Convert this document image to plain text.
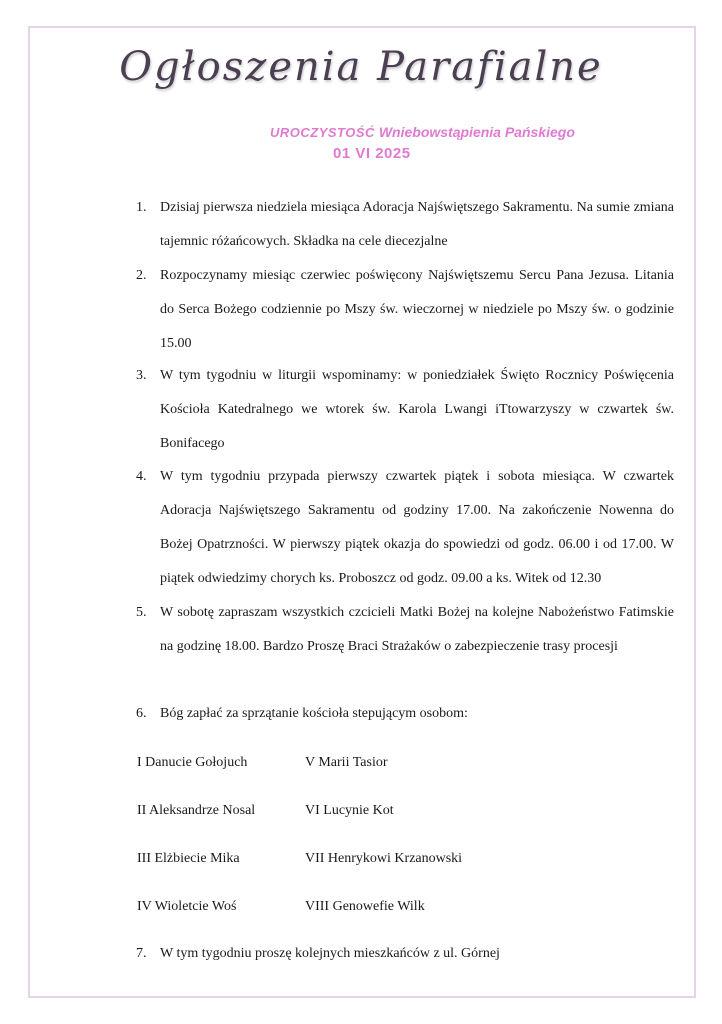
Ogłoszenia Parafialne
UROCZYSTOŚĆ Wniebowstąpienia Pańskiego
01 VI 2025
1. Dzisiaj pierwsza niedziela miesiąca Adoracja Najświętszego Sakramentu. Na sumie zmiana tajemnic różańcowych. Składka na cele diecezjalne
2. Rozpoczynamy miesiąc czerwiec poświęcony Najświętszemu Sercu Pana Jezusa. Litania do Serca Bożego codziennie po Mszy św. wieczornej w niedziele po Mszy św. o godzinie 15.00
3. W tym tygodniu w liturgii wspominamy: w poniedziałek Święto Rocznicy Poświęcenia Kościoła Katedralnego we wtorek św. Karola Lwangi iTtowarzyszy w czwartek św. Bonifacego
4. W tym tygodniu przypada pierwszy czwartek piątek i sobota miesiąca. W czwartek Adoracja Najświętszego Sakramentu od godziny 17.00. Na zakończenie Nowenna do Bożej Opatrzności. W pierwszy piątek okazja do spowiedzi od godz. 06.00 i od 17.00. W piątek odwiedzimy chorych ks. Proboszcz od godz. 09.00 a ks. Witek od 12.30
5. W sobotę zapraszam wszystkich czcicieli Matki Bożej na kolejne Nabożeństwo Fatimskie na godzinę 18.00. Bardzo Proszę Braci Strażaków o zabezpieczenie trasy procesji
6. Bóg zapłać za sprzątanie kościoła stepującym osobom:
I Danucie Gołojuch
II Aleksandrze Nosal
III Elżbiecie Mika
IV Wioletcie Woś
V Marii Tasior
VI Lucynie Kot
VII Henrykowi Krzanowski
VIII Genowefie Wilk
7. W tym tygodniu proszę kolejnych mieszkańców z ul. Górnej
